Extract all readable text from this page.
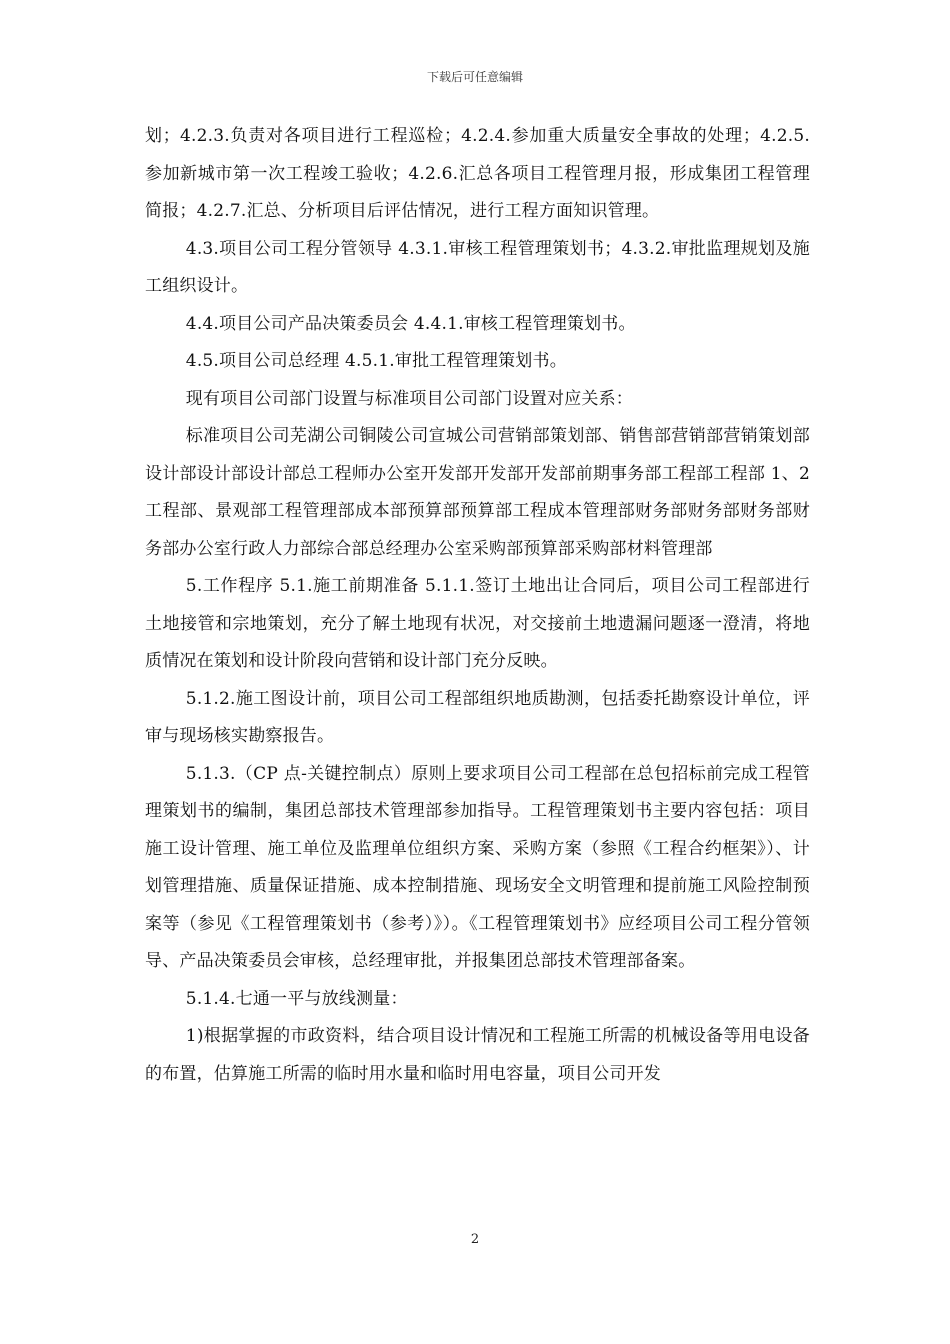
下载后可任意编辑

划；4.2.3.负责对各项目进行工程巡检；4.2.4.参加重大质量安全事故的处理；4.2.5.参加新城市第一次工程竣工验收；4.2.6.汇总各项目工程管理月报，形成集团工程管理简报；4.2.7.汇总、分析项目后评估情况，进行工程方面知识管理。

4.3.项目公司工程分管领导 4.3.1.审核工程管理策划书；4.3.2.审批监理规划及施工组织设计。

4.4.项目公司产品决策委员会 4.4.1.审核工程管理策划书。

4.5.项目公司总经理 4.5.1.审批工程管理策划书。

现有项目公司部门设置与标准项目公司部门设置对应关系：

标准项目公司芜湖公司铜陵公司宣城公司营销部策划部、销售部营销部营销策划部设计部设计部设计部总工程师办公室开发部开发部开发部前期事务部工程部工程部 1、2 工程部、景观部工程管理部成本部预算部预算部工程成本管理部财务部财务部财务部财务部办公室行政人力部综合部总经理办公室采购部预算部采购部材料管理部

5.工作程序 5.1.施工前期准备 5.1.1.签订土地出让合同后，项目公司工程部进行土地接管和宗地策划，充分了解土地现有状况，对交接前土地遗漏问题逐一澄清，将地质情况在策划和设计阶段向营销和设计部门充分反映。

5.1.2.施工图设计前，项目公司工程部组织地质勘测，包括委托勘察设计单位，评审与现场核实勘察报告。

5.1.3.（CP 点-关键控制点）原则上要求项目公司工程部在总包招标前完成工程管理策划书的编制，集团总部技术管理部参加指导。工程管理策划书主要内容包括：项目施工设计管理、施工单位及监理单位组织方案、采购方案（参照《工程合约框架》）、计划管理措施、质量保证措施、成本控制措施、现场安全文明管理和提前施工风险控制预案等（参见《工程管理策划书（参考）》）。《工程管理策划书》应经项目公司工程分管领导、产品决策委员会审核，总经理审批，并报集团总部技术管理部备案。

5.1.4.七通一平与放线测量：

1)根据掌握的市政资料，结合项目设计情况和工程施工所需的机械设备等用电设备的布置，估算施工所需的临时用水量和临时用电容量，项目公司开发

2
